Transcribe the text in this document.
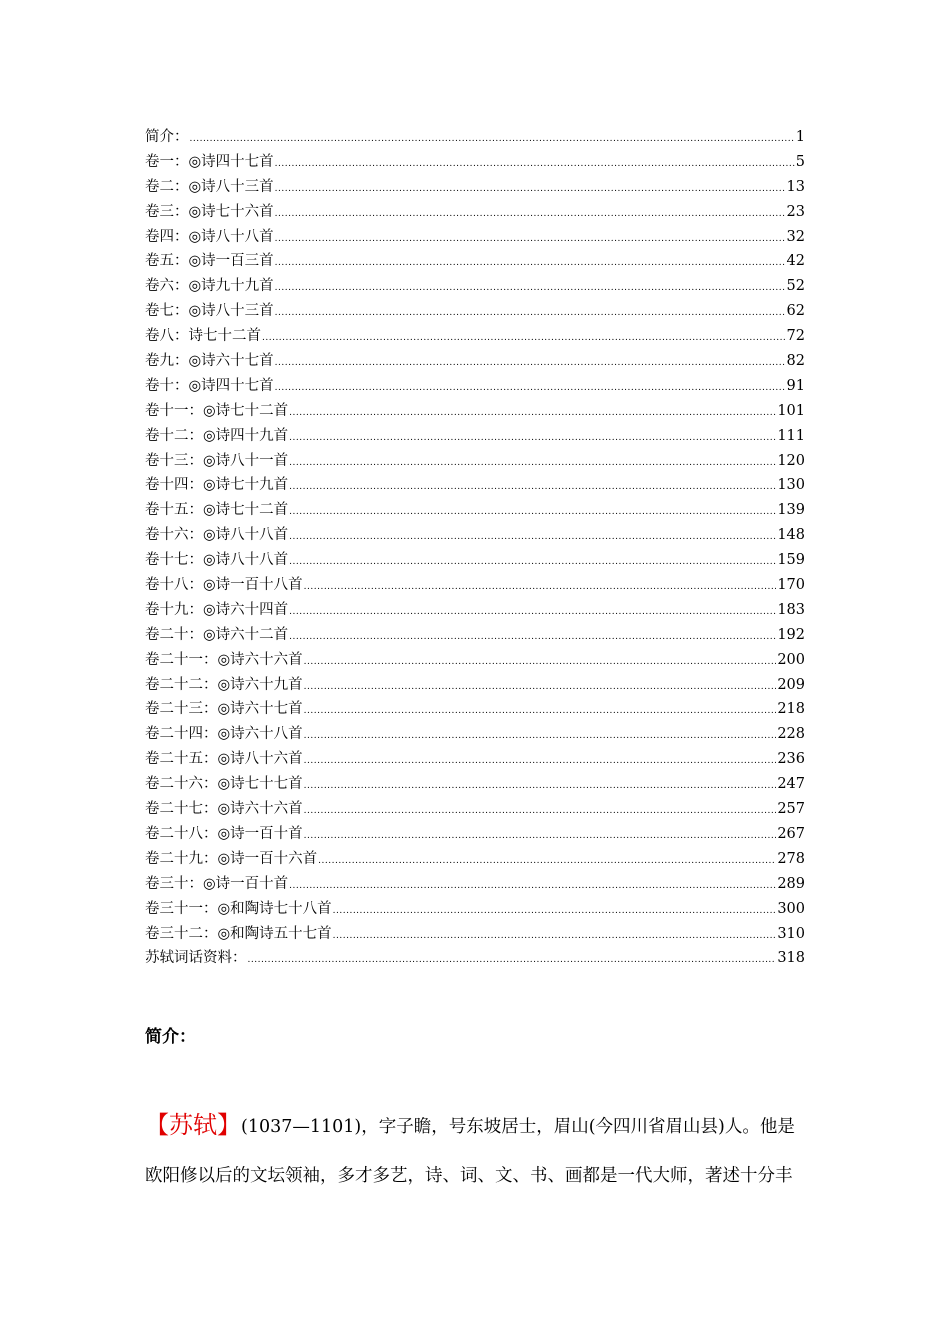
简介： .....	1
卷一：◎诗四十七首 .....	5
卷二：◎诗八十三首 .....	13
卷三：◎诗七十六首 .....	23
卷四：◎诗八十八首 .....	32
卷五：◎诗一百三首 .....	42
卷六：◎诗九十九首 .....	52
卷七：◎诗八十三首 .....	62
卷八：诗七十二首 .....	72
卷九：◎诗六十七首 .....	82
卷十：◎诗四十七首 .....	91
卷十一：◎诗七十二首 .....	101
卷十二：◎诗四十九首 .....	111
卷十三：◎诗八十一首 .....	120
卷十四：◎诗七十九首 .....	130
卷十五：◎诗七十二首 .....	139
卷十六：◎诗八十八首 .....	148
卷十七：◎诗八十八首 .....	159
卷十八：◎诗一百十八首 .....	170
卷十九：◎诗六十四首 .....	183
卷二十：◎诗六十二首 .....	192
卷二十一：◎诗六十六首 .....	200
卷二十二：◎诗六十九首 .....	209
卷二十三：◎诗六十七首 .....	218
卷二十四：◎诗六十八首 .....	228
卷二十五：◎诗八十六首 .....	236
卷二十六：◎诗七十七首 .....	247
卷二十七：◎诗六十六首 .....	257
卷二十八：◎诗一百十首 .....	267
卷二十九：◎诗一百十六首 .....	278
卷三十：◎诗一百十首 .....	289
卷三十一：◎和陶诗七十八首 .....	300
卷三十二：◎和陶诗五十七首 .....	310
苏轼词话资料： .....	318
简介：

【苏轼】(1037—1101)，字子瞻，号东坡居士，眉山(今四川省眉山县)人。他是

欧阳修以后的文坛领袖，多才多艺，诗、词、文、书、画都是一代大师，著述十分丰
